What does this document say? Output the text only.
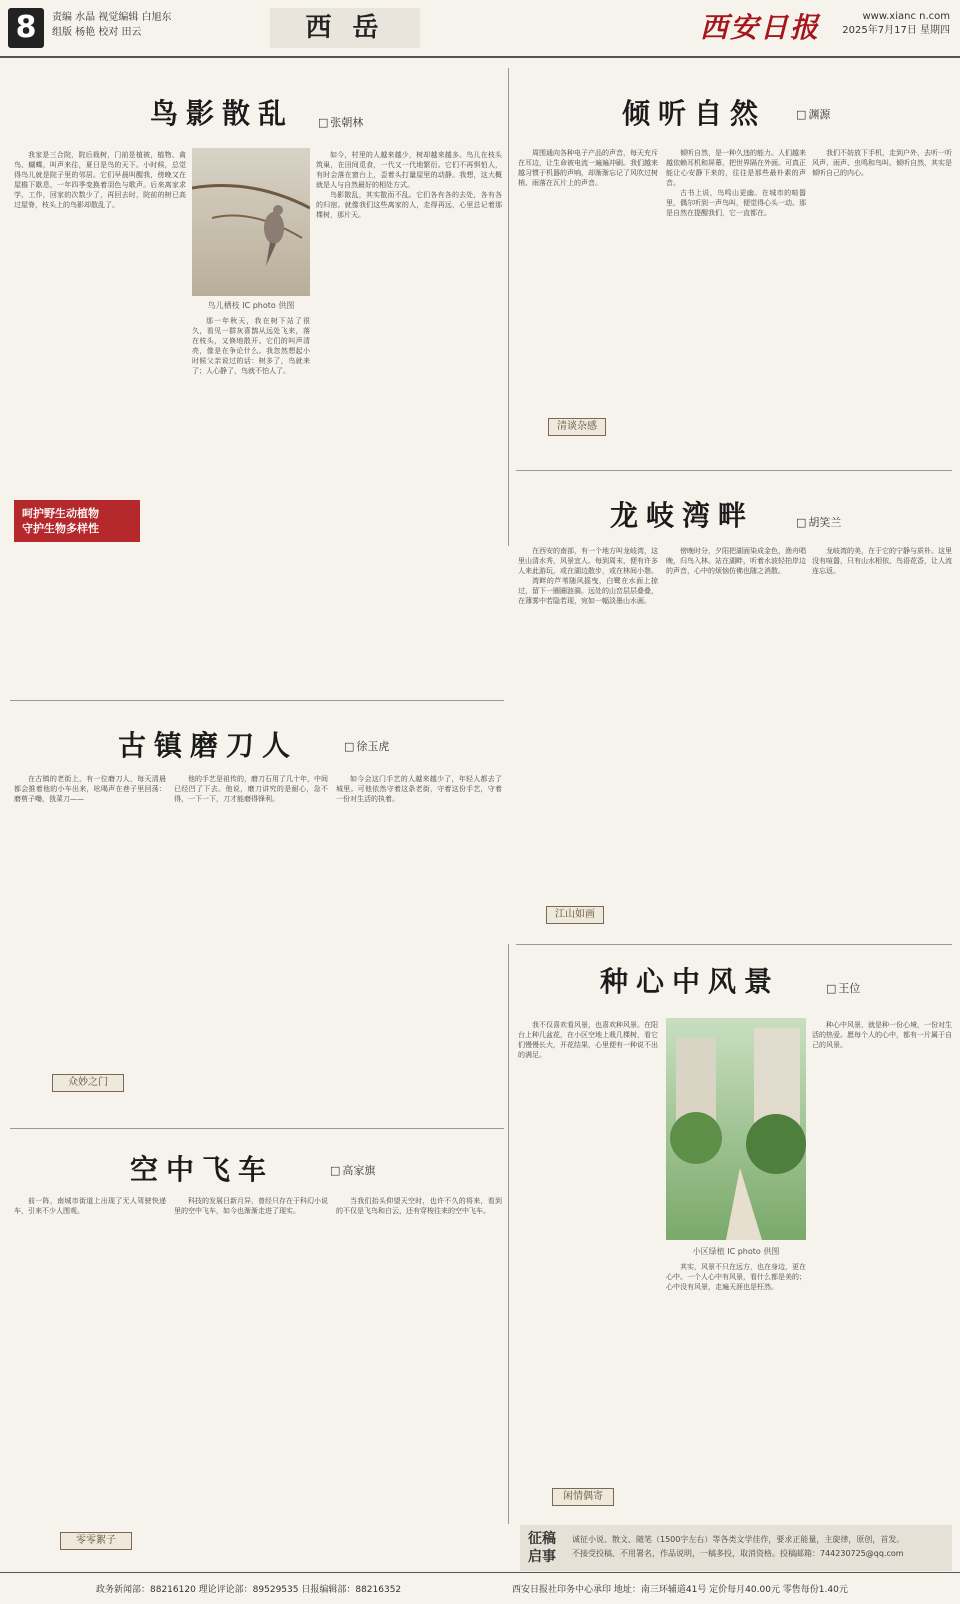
8	责编 水晶 视觉编辑 白旭东
组版 杨艳 校对 田云	西 岳	西安日报	www.xianc n.com
2025年7月17日 星期四
鸟影散乱	□ 张朝林

我家是三合院，院后栽树，门前是植被，植物、禽鸟、蝴蝶，叫声来往，夏日是鸟的天下。小时候，总觉得鸟儿就是院子里的邻居。它们早晨叫醒我，傍晚又在屋檐下歇息，一年四季变换着羽色与歌声。后来离家求学、工作，回家的次数少了，再回去时，院前的树已高过屋脊，枝头上的鸟影却散乱了。

鸟儿栖枝 IC photo 供图

那一年秋天，我在树下站了很久，看见一群灰喜鹊从远处飞来，落在枝头，又倏地散开。它们的叫声清亮，像是在争论什么。我忽然想起小时候父亲说过的话：树多了，鸟就来了；人心静了，鸟就不怕人了。

如今，村里的人越来越少，树却越来越多。鸟儿在枝头筑巢，在田间觅食，一代又一代地繁衍。它们不再惧怕人，有时会落在窗台上，歪着头打量屋里的动静。我想，这大概就是人与自然最好的相处方式。

鸟影散乱，其实散而不乱。它们各有各的去处，各有各的归宿。就像我们这些离家的人，走得再远，心里总记着那棵树，那片天。

呵护野生动植物
守护生物多样性
倾听自然	□ 渊源

周围通向各种电子产品的声音，每天充斥在耳边，让生命被电流一遍遍冲刷。我们越来越习惯于机器的声响，却渐渐忘记了风吹过树梢、雨落在瓦片上的声音。

清谈杂感

倾听自然，是一种久违的能力。人们越来越依赖耳机和屏幕，把世界隔在外面。可真正能让心安静下来的，往往是那些最朴素的声音。

古书上说，鸟鸣山更幽。在城市的喧嚣里，偶尔听到一声鸟叫，便觉得心头一动。那是自然在提醒我们，它一直都在。

我们不妨放下手机，走到户外，去听一听风声、雨声、虫鸣和鸟叫。倾听自然，其实是倾听自己的内心。

龙岐湾畔	□ 胡笑兰

在西安的南部，有一个地方叫龙岐湾，这里山清水秀，风景宜人。每到周末，便有许多人来此游玩，或在湖边散步，或在林间小憩。

湾畔的芦苇随风摇曳，白鹭在水面上掠过，留下一圈圈涟漪。远处的山峦层层叠叠，在薄雾中若隐若现，宛如一幅淡墨山水画。

江山如画

傍晚时分，夕阳把湖面染成金色，渔舟唱晚，归鸟入林。站在湖畔，听着水波轻拍岸边的声音，心中的烦恼仿佛也随之消散。

龙岐湾的美，在于它的宁静与质朴。这里没有喧嚣，只有山水相依、鸟语花香，让人流连忘返。

古镇磨刀人	□ 徐玉虎

在古镇的老街上，有一位磨刀人，每天清晨都会推着他的小车出来，吆喝声在巷子里回荡：磨剪子嘞，戗菜刀——

众妙之门

他的手艺是祖传的，磨刀石用了几十年，中间已经凹了下去。他说，磨刀讲究的是耐心，急不得，一下一下，刀才能磨得锋利。

如今会这门手艺的人越来越少了，年轻人都去了城里。可他依然守着这条老街，守着这份手艺，守着一份对生活的执着。

空中飞车	□ 高家旗

前一阵，南城市街道上出现了无人驾驶快递车，引来不少人围观。

零零絮子

科技的发展日新月异，曾经只存在于科幻小说里的空中飞车，如今也渐渐走进了现实。

当我们抬头仰望天空时，也许不久的将来，看到的不仅是飞鸟和白云，还有穿梭往来的空中飞车。

种心中风景	□ 王位

我不仅喜欢看风景，也喜欢种风景。在阳台上种几盆花，在小区空地上栽几棵树，看它们慢慢长大，开花结果，心里便有一种说不出的满足。

小区绿植 IC photo 供图

其实，风景不只在远方，也在身边，更在心中。一个人心中有风景，看什么都是美的；心中没有风景，走遍天涯也是枉然。

闲情偶寄

种心中风景，就是种一份心境，一份对生活的热爱。愿每个人的心中，都有一片属于自己的风景。

征稿
启事
诚征小说、散文、随笔（1500字左右）等各类文学佳作，要求正能量，主旋律，原创，首发。
不接受投稿、不用署名，作品说明，一稿多投，取消资格。投稿邮箱：744230725@qq.com
政务新闻部：88216120 理论评论部：89529535 日报编辑部：88216352	西安日报社印务中心承印 地址：南三环辅道41号 定价每月40.00元 零售每份1.40元
